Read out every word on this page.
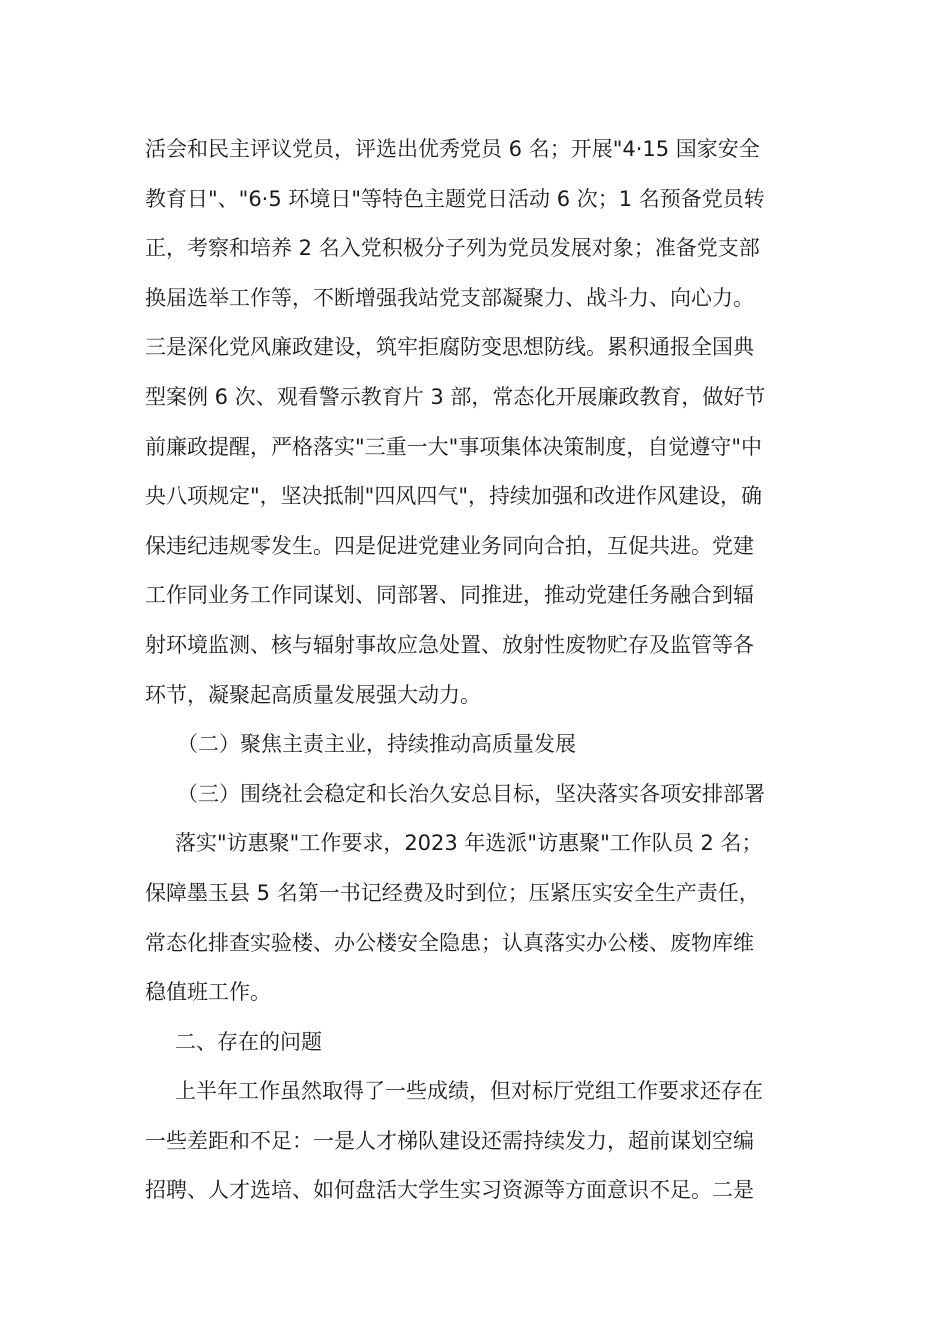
活会和民主评议党员，评选出优秀党员 6 名；开展"4·15 国家安全
教育日"、"6·5 环境日"等特色主题党日活动 6 次；1 名预备党员转
正，考察和培养 2 名入党积极分子列为党员发展对象；准备党支部
换届选举工作等，不断增强我站党支部凝聚力、战斗力、向心力。
三是深化党风廉政建设，筑牢拒腐防变思想防线。累积通报全国典
型案例 6 次、观看警示教育片 3 部，常态化开展廉政教育，做好节
前廉政提醒，严格落实"三重一大"事项集体决策制度，自觉遵守"中
央八项规定"，坚决抵制"四风四气"，持续加强和改进作风建设，确
保违纪违规零发生。四是促进党建业务同向合拍，互促共进。党建
工作同业务工作同谋划、同部署、同推进，推动党建任务融合到辐
射环境监测、核与辐射事故应急处置、放射性废物贮存及监管等各
环节，凝聚起高质量发展强大动力。
（二）聚焦主责主业，持续推动高质量发展
（三）围绕社会稳定和长治久安总目标，坚决落实各项安排部署
落实"访惠聚"工作要求，2023 年选派"访惠聚"工作队员 2 名；
保障墨玉县 5 名第一书记经费及时到位；压紧压实安全生产责任，
常态化排查实验楼、办公楼安全隐患；认真落实办公楼、废物库维
稳值班工作。
二、存在的问题
上半年工作虽然取得了一些成绩，但对标厅党组工作要求还存在
一些差距和不足：一是人才梯队建设还需持续发力，超前谋划空编
招聘、人才选培、如何盘活大学生实习资源等方面意识不足。二是
